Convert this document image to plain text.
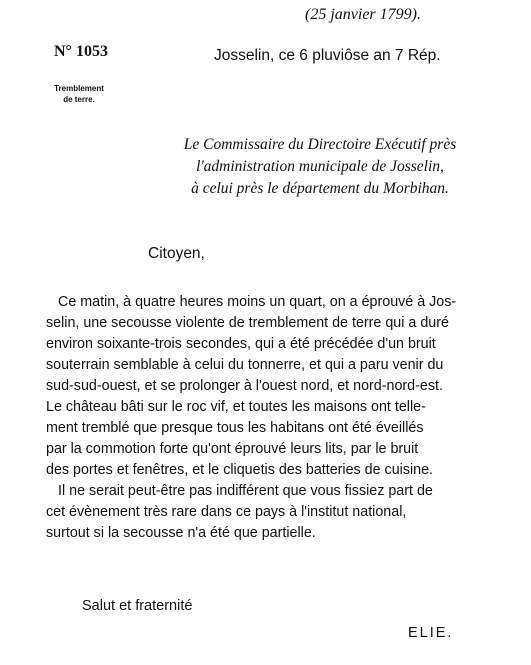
(25 janvier 1799).
N° 1053	Josselin, ce 6 pluviôse an 7 Rép.
Tremblement
de terre.
Le Commissaire du Directoire Exécutif près
l'administration municipale de Josselin,
à celui près le département du Morbihan.
Citoyen,
Ce matin, à quatre heures moins un quart, on a éprouvé à Jos-
selin, une secousse violente de tremblement de terre qui a duré
environ soixante-trois secondes, qui a été précédée d'un bruit
souterrain semblable à celui du tonnerre, et qui a paru venir du
sud-sud-ouest, et se prolonger à l'ouest nord, et nord-nord-est.
Le château bâti sur le roc vif, et toutes les maisons ont telle-
ment tremblé que presque tous les habitans ont été éveillés
par la commotion forte qu'ont éprouvé leurs lits, par le bruit
des portes et fenêtres, et le cliquetis des batteries de cuisine.
Il ne serait peut-être pas indifférent que vous fissiez part de
cet évènement très rare dans ce pays à l'institut national,
surtout si la secousse n'a été que partielle.
Salut et fraternité
ELIE.
